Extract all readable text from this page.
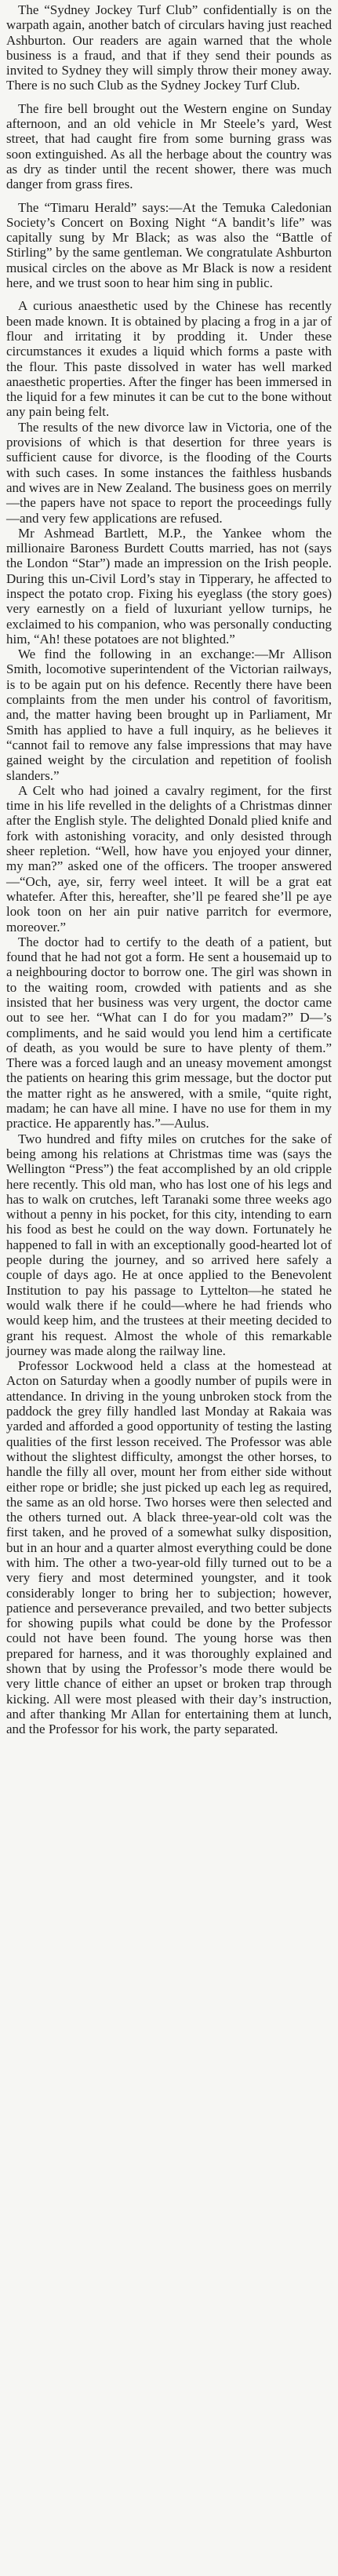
The “Sydney Jockey Turf Club” confidentially is on the warpath again, another batch of circulars having just reached Ashburton. Our readers are again warned that the whole business is a fraud, and that if they send their pounds as invited to Sydney they will simply throw their money away. There is no such Club as the Sydney Jockey Turf Club.

The fire bell brought out the Western engine on Sunday afternoon, and an old vehicle in Mr Steele’s yard, West street, that had caught fire from some burning grass was soon extinguished. As all the herbage about the country was as dry as tinder until the recent shower, there was much danger from grass fires.

The “Timaru Herald” says:—At the Temuka Caledonian Society’s Concert on Boxing Night “A bandit’s life” was capitally sung by Mr Black; as was also the “Battle of Stirling” by the same gentleman. We congratulate Ashburton musical circles on the above as Mr Black is now a resident here, and we trust soon to hear him sing in public.

A curious anaesthetic used by the Chinese has recently been made known. It is obtained by placing a frog in a jar of flour and irritating it by prodding it. Under these circumstances it exudes a liquid which forms a paste with the flour. This paste dissolved in water has well marked anaesthetic properties. After the finger has been immersed in the liquid for a few minutes it can be cut to the bone without any pain being felt.

The results of the new divorce law in Victoria, one of the provisions of which is that desertion for three years is sufficient cause for divorce, is the flooding of the Courts with such cases. In some instances the faithless husbands and wives are in New Zealand. The business goes on merrily—the papers have not space to report the proceedings fully—and very few applications are refused.

Mr Ashmead Bartlett, M.P., the Yankee whom the millionaire Baroness Burdett Coutts married, has not (says the London “Star”) made an impression on the Irish people. During this un-Civil Lord’s stay in Tipperary, he affected to inspect the potato crop. Fixing his eyeglass (the story goes) very earnestly on a field of luxuriant yellow turnips, he exclaimed to his companion, who was personally conducting him, “Ah! these potatoes are not blighted.”

We find the following in an exchange:—Mr Allison Smith, locomotive superintendent of the Victorian railways, is to be again put on his defence. Recently there have been complaints from the men under his control of favoritism, and, the matter having been brought up in Parliament, Mr Smith has applied to have a full inquiry, as he believes it “cannot fail to remove any false impressions that may have gained weight by the circulation and repetition of foolish slanders.”

A Celt who had joined a cavalry regiment, for the first time in his life revelled in the delights of a Christmas dinner after the English style. The delighted Donald plied knife and fork with astonishing voracity, and only desisted through sheer repletion. “Well, how have you enjoyed your dinner, my man?” asked one of the officers. The trooper answered—“Och, aye, sir, ferry weel inteet. It will be a grat eat whatefer. After this, hereafter, she’ll pe feared she’ll pe aye look toon on her ain puir native parritch for evermore, moreover.”

The doctor had to certify to the death of a patient, but found that he had not got a form. He sent a housemaid up to a neighbouring doctor to borrow one. The girl was shown in to the waiting room, crowded with patients and as she insisted that her business was very urgent, the doctor came out to see her. “What can I do for you madam?” D—’s compliments, and he said would you lend him a certificate of death, as you would be sure to have plenty of them.” There was a forced laugh and an uneasy movement amongst the patients on hearing this grim message, but the doctor put the matter right as he answered, with a smile, “quite right, madam; he can have all mine. I have no use for them in my practice. He apparently has.”—Aulus.

Two hundred and fifty miles on crutches for the sake of being among his relations at Christmas time was (says the Wellington “Press”) the feat accomplished by an old cripple here recently. This old man, who has lost one of his legs and has to walk on crutches, left Taranaki some three weeks ago without a penny in his pocket, for this city, intending to earn his food as best he could on the way down. Fortunately he happened to fall in with an exceptionally good-hearted lot of people during the journey, and so arrived here safely a couple of days ago. He at once applied to the Benevolent Institution to pay his passage to Lyttelton—he stated he would walk there if he could—where he had friends who would keep him, and the trustees at their meeting decided to grant his request. Almost the whole of this remarkable journey was made along the railway line.

Professor Lockwood held a class at the homestead at Acton on Saturday when a goodly number of pupils were in attendance. In driving in the young unbroken stock from the paddock the grey filly handled last Monday at Rakaia was yarded and afforded a good opportunity of testing the lasting qualities of the first lesson received. The Professor was able without the slightest difficulty, amongst the other horses, to handle the filly all over, mount her from either side without either rope or bridle; she just picked up each leg as required, the same as an old horse. Two horses were then selected and the others turned out. A black three-year-old colt was the first taken, and he proved of a somewhat sulky disposition, but in an hour and a quarter almost everything could be done with him. The other a two-year-old filly turned out to be a very fiery and most determined youngster, and it took considerably longer to bring her to subjection; however, patience and perseverance prevailed, and two better subjects for showing pupils what could be done by the Professor could not have been found. The young horse was then prepared for harness, and it was thoroughly explained and shown that by using the Professor’s mode there would be very little chance of either an upset or broken trap through kicking. All were most pleased with their day’s instruction, and after thanking Mr Allan for entertaining them at lunch, and the Professor for his work, the party separated.
